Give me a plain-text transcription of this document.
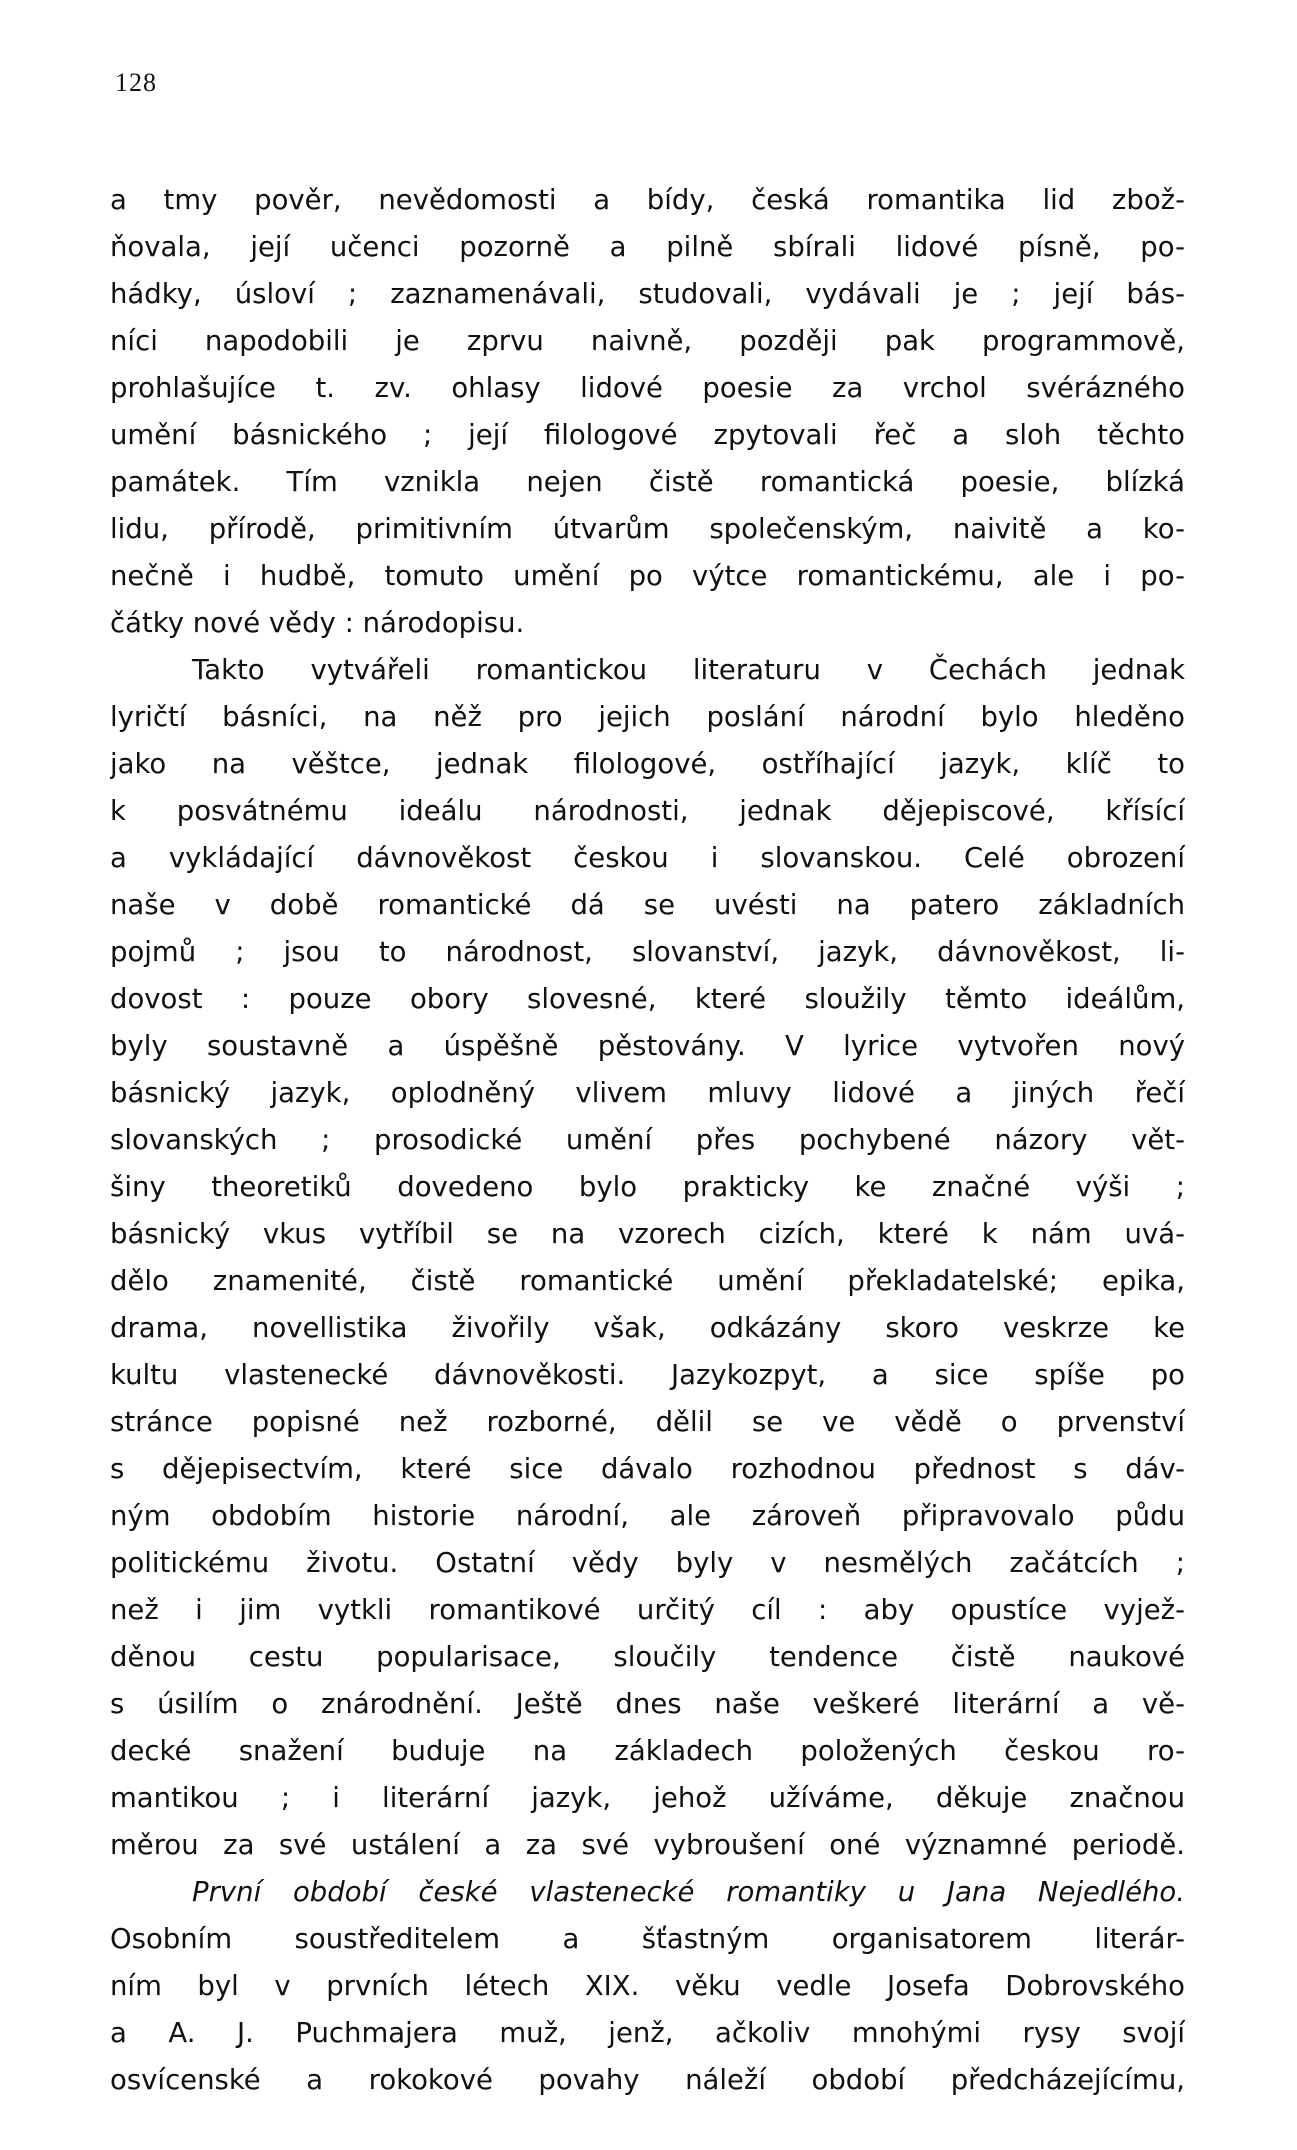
128
a tmy pověr, nevědomosti a bídy, česká romantika lid zbož-
ňovala, její učenci pozorně a pilně sbírali lidové písně, po-
hádky, úsloví ; zaznamenávali, studovali, vydávali je ; její bás-
níci napodobili je zprvu naivně, později pak programmově,
prohlašujíce t. zv. ohlasy lidové poesie za vrchol svérázného
umění básnického ; její filologové zpytovali řeč a sloh těchto
památek. Tím vznikla nejen čistě romantická poesie, blízká
lidu, přírodě, primitivním útvarům společenským, naivitě a ko-
nečně i hudbě, tomuto umění po výtce romantickému, ale i po-
čátky nové vědy : národopisu.
Takto vytvářeli romantickou literaturu v Čechách jednak
lyričtí básníci, na něž pro jejich poslání národní bylo hleděno
jako na věštce, jednak filologové, ostříhající jazyk, klíč to
k posvátnému ideálu národnosti, jednak dějepiscové, křísící
a vykládající dávnověkost českou i slovanskou. Celé obrození
naše v době romantické dá se uvésti na patero základních
pojmů ; jsou to národnost, slovanství, jazyk, dávnověkost, li-
dovost : pouze obory slovesné, které sloužily těmto ideálům,
byly soustavně a úspěšně pěstovány. V lyrice vytvořen nový
básnický jazyk, oplodněný vlivem mluvy lidové a jiných řečí
slovanských ; prosodické umění přes pochybené názory vět-
šiny theoretiků dovedeno bylo prakticky ke značné výši ;
básnický vkus vytříbil se na vzorech cizích, které k nám uvá-
dělo znamenité, čistě romantické umění překladatelské; epika,
drama, novellistika živořily však, odkázány skoro veskrze ke
kultu vlastenecké dávnověkosti. Jazykozpyt, a sice spíše po
stránce popisné než rozborné, dělil se ve vědě o prvenství
s dějepisectvím, které sice dávalo rozhodnou přednost s dáv-
ným obdobím historie národní, ale zároveň připravovalo půdu
politickému životu. Ostatní vědy byly v nesmělých začátcích ;
než i jim vytkli romantikové určitý cíl : aby opustíce vyjež-
děnou cestu popularisace, sloučily tendence čistě naukové
s úsilím o znárodnění. Ještě dnes naše veškeré literární a vě-
decké snažení buduje na základech položených českou ro-
mantikou ; i literární jazyk, jehož užíváme, děkuje značnou
měrou za své ustálení a za své vybroušení oné významné periodě.
První období české vlastenecké romantiky u Jana Nejedlého.
Osobním soustředitelem a šťastným organisatorem literár-
ním byl v prvních létech XIX. věku vedle Josefa Dobrovského
a A. J. Puchmajera muž, jenž, ačkoliv mnohými rysy svojí
osvícenské a rokokové povahy náleží období předcházejícímu,
